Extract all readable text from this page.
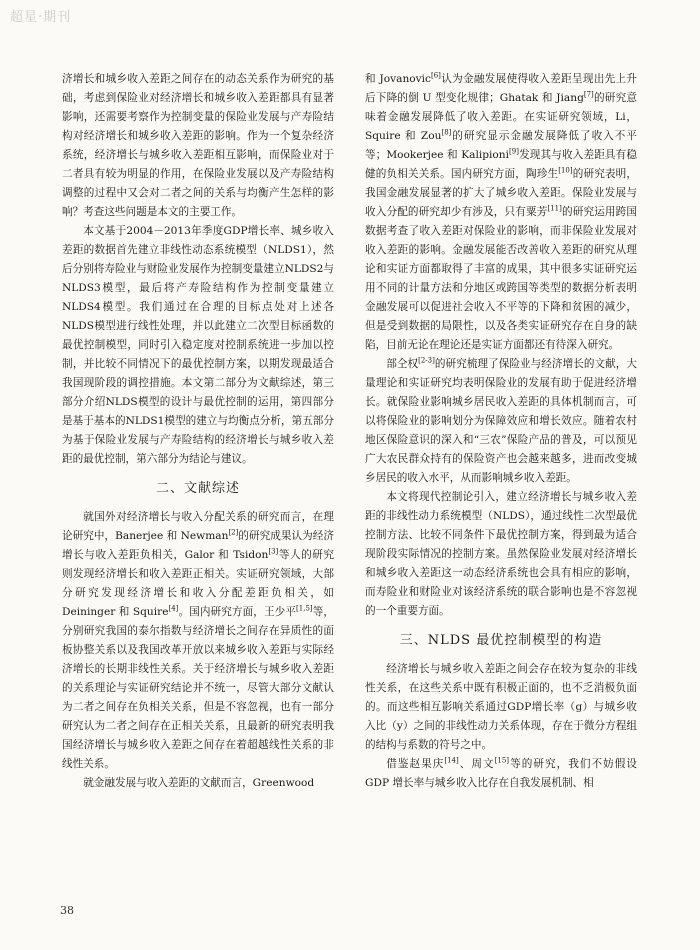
超星·期刊

济增长和城乡收入差距之间存在的动态关系作为研究的基础，考虑到保险业对经济增长和城乡收入差距都具有显著影响，还需要考察作为控制变量的保险业发展与产寿险结构对经济增长和城乡收入差距的影响。作为一个复杂经济系统，经济增长与城乡收入差距相互影响，而保险业对于二者具有较为明显的作用，在保险业发展以及产寿险结构调整的过程中又会对二者之间的关系与均衡产生怎样的影响？考查这些问题是本文的主要工作。

本文基于2004－2013年季度GDP增长率、城乡收入差距的数据首先建立非线性动态系统模型（NLDS1），然后分别将寿险业与财险业发展作为控制变量建立NLDS2与NLDS3模型，最后将产寿险结构作为控制变量建立NLDS4模型。我们通过在合理的目标点处对上述各NLDS模型进行线性处理，并以此建立二次型目标函数的最优控制模型，同时引入稳定度对控制系统进一步加以控制，并比较不同情况下的最优控制方案，以期发现最适合我国现阶段的调控措施。本文第二部分为文献综述，第三部分介绍NLDS模型的设计与最优控制的运用，第四部分是基于基本的NLDS1模型的建立与均衡点分析，第五部分为基于保险业发展与产寿险结构的经济增长与城乡收入差距的最优控制，第六部分为结论与建议。

二、文献综述

就国外对经济增长与收入分配关系的研究而言，在理论研究中，Banerjee 和 Newman[2]的研究成果认为经济增长与收入差距负相关，Galor 和 Tsidon[3]等人的研究则发现经济增长和收入差距正相关。实证研究领域，大部分研究发现经济增长和收入分配差距负相关，如 Deininger 和 Squire[4]。国内研究方面，王少平[1,5]等，分别研究我国的泰尔指数与经济增长之间存在异质性的面板协整关系以及我国改革开放以来城乡收入差距与实际经济增长的长期非线性关系。关于经济增长与城乡收入差距的关系理论与实证研究结论并不统一，尽管大部分文献认为二者之间存在负相关关系，但是不容忽视，也有一部分研究认为二者之间存在正相关关系，且最新的研究表明我国经济增长与城乡收入差距之间存在着超越线性关系的非线性关系。

就金融发展与收入差距的文献而言，Greenwood

和 Jovanovic[6]认为金融发展使得收入差距呈现出先上升后下降的倒 U 型变化规律；Ghatak 和 Jiang[7]的研究意味着金融发展降低了收入差距。在实证研究领域，Li，Squire 和 Zou[8]的研究显示金融发展降低了收入不平等；Mookerjee 和 Kalipioni[9]发现其与收入差距具有稳健的负相关关系。国内研究方面，陶珍生[10]的研究表明，我国金融发展显著的扩大了城乡收入差距。保险业发展与收入分配的研究却少有涉及，只有粟芳[11]的研究运用跨国数据考查了收入差距对保险业的影响，而非保险业发展对收入差距的影响。金融发展能否改善收入差距的研究从理论和实证方面都取得了丰富的成果，其中很多实证研究运用不同的计量方法和分地区或跨国等类型的数据分析表明金融发展可以促进社会收入不平等的下降和贫困的减少，但是受到数据的局限性，以及各类实证研究存在自身的缺陷，目前无论在理论还是实证方面都还有待深入研究。

部仝权[2-3]的研究梳理了保险业与经济增长的文献，大量理论和实证研究均表明保险业的发展有助于促进经济增长。就保险业影响城乡居民收入差距的具体机制而言，可以将保险业的影响划分为保障效应和增长效应。随着农村地区保险意识的深入和“三农”保险产品的普及，可以预见广大农民群众持有的保险资产也会越来越多，进而改变城乡居民的收入水平，从而影响城乡收入差距。

本文将现代控制论引入，建立经济增长与城乡收入差距的非线性动力系统模型（NLDS），通过线性二次型最优控制方法、比较不同条件下最优控制方案，得到最为适合现阶段实际情况的控制方案。虽然保险业发展对经济增长和城乡收入差距这一动态经济系统也会具有相应的影响，而寿险业和财险业对该经济系统的联合影响也是不容忽视的一个重要方面。

三、NLDS 最优控制模型的构造

经济增长与城乡收入差距之间会存在较为复杂的非线性关系，在这些关系中既有积极正面的，也不乏消极负面的。而这些相互影响关系通过GDP增长率（g）与城乡收入比（y）之间的非线性动力关系体现，存在于微分方程组的结构与系数的符号之中。

借鉴赵果庆[14]、周文[15]等的研究，我们不妨假设 GDP 增长率与城乡收入比存在自我发展机制、相

38
